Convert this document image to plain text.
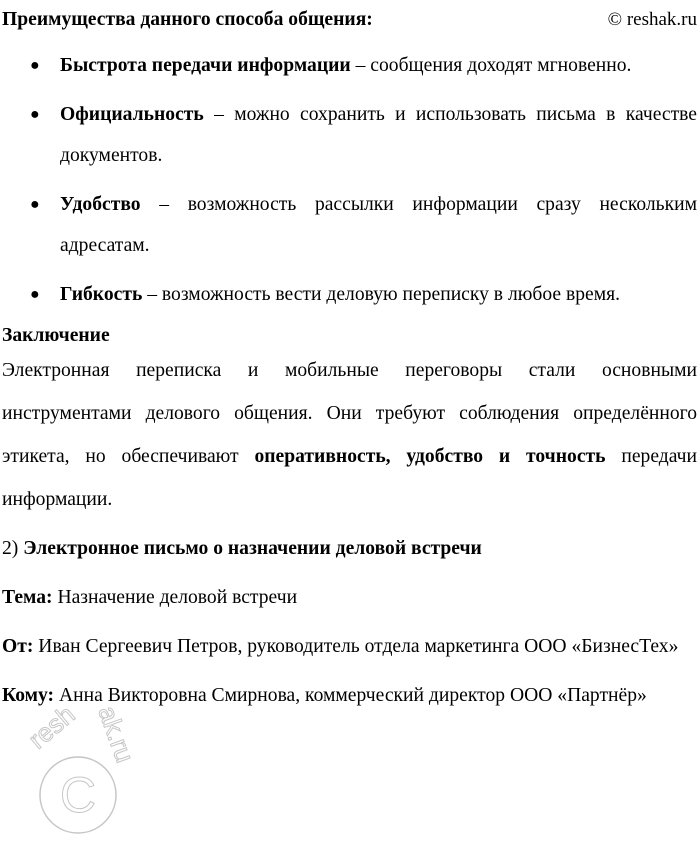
Преимущества данного способа общения:	© reshak.ru
● Быстрота передачи информации – сообщения доходят мгновенно.
● Официальность – можно сохранить и использовать письма в качестве документов.
● Удобство – возможность рассылки информации сразу нескольким адресатам.
● Гибкость – возможность вести деловую переписку в любое время.
Заключение

Электронная переписка и мобильные переговоры стали основными инструментами делового общения. Они требуют соблюдения определённого этикета, но обеспечивают оперативность, удобство и точность передачи информации.

2) Электронное письмо о назначении деловой встречи

Тема: Назначение деловой встречи

От: Иван Сергеевич Петров, руководитель отдела маркетинга ООО «БизнесТех»

Кому: Анна Викторовна Смирнова, коммерческий директор ООО «Партнёр»

C
resh ak.ru
